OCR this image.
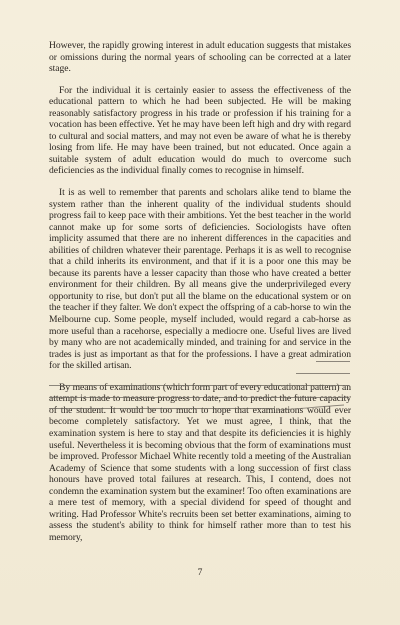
However, the rapidly growing interest in adult education suggests that mistakes or omissions during the normal years of schooling can be corrected at a later stage.

For the individual it is certainly easier to assess the effectiveness of the educational pattern to which he had been subjected. He will be making reasonably satisfactory progress in his trade or profession if his training for a vocation has been effective. Yet he may have been left high and dry with regard to cultural and social matters, and may not even be aware of what he is thereby losing from life. He may have been trained, but not educated. Once again a suitable system of adult education would do much to overcome such deficiencies as the individual finally comes to recognise in himself.

It is as well to remember that parents and scholars alike tend to blame the system rather than the inherent quality of the individual students should progress fail to keep pace with their ambitions. Yet the best teacher in the world cannot make up for some sorts of deficiencies. Sociologists have often implicity assumed that there are no inherent differences in the capacities and abilities of children whatever their parentage. Perhaps it is as well to recognise that a child inherits its environment, and that if it is a poor one this may be because its parents have a lesser capacity than those who have created a better environment for their children. By all means give the underprivileged every opportunity to rise, but don't put all the blame on the educational system or on the teacher if they falter. We don't expect the offspring of a cab-horse to win the Melbourne cup. Some people, myself included, would regard a cab-horse as more useful than a racehorse, especially a mediocre one. Useful lives are lived by many who are not academically minded, and training for and service in the trades is just as important as that for the professions. I have a great admiration for the skilled artisan.

By means of examinations (which form part of every educational pattern) an attempt is made to measure progress to date, and to predict the future capacity of the student. It would be too much to hope that examinations would ever become completely satisfactory. Yet we must agree, I think, that the examination system is here to stay and that despite its deficiencies it is highly useful. Nevertheless it is becoming obvious that the form of examinations must be improved. Professor Michael White recently told a meeting of the Australian Academy of Science that some students with a long succession of first class honours have proved total failures at research. This, I contend, does not condemn the examination system but the examiner! Too often examinations are a mere test of memory, with a special dividend for speed of thought and writing. Had Professor White's recruits been set better examinations, aiming to assess the student's ability to think for himself rather more than to test his memory,

7
